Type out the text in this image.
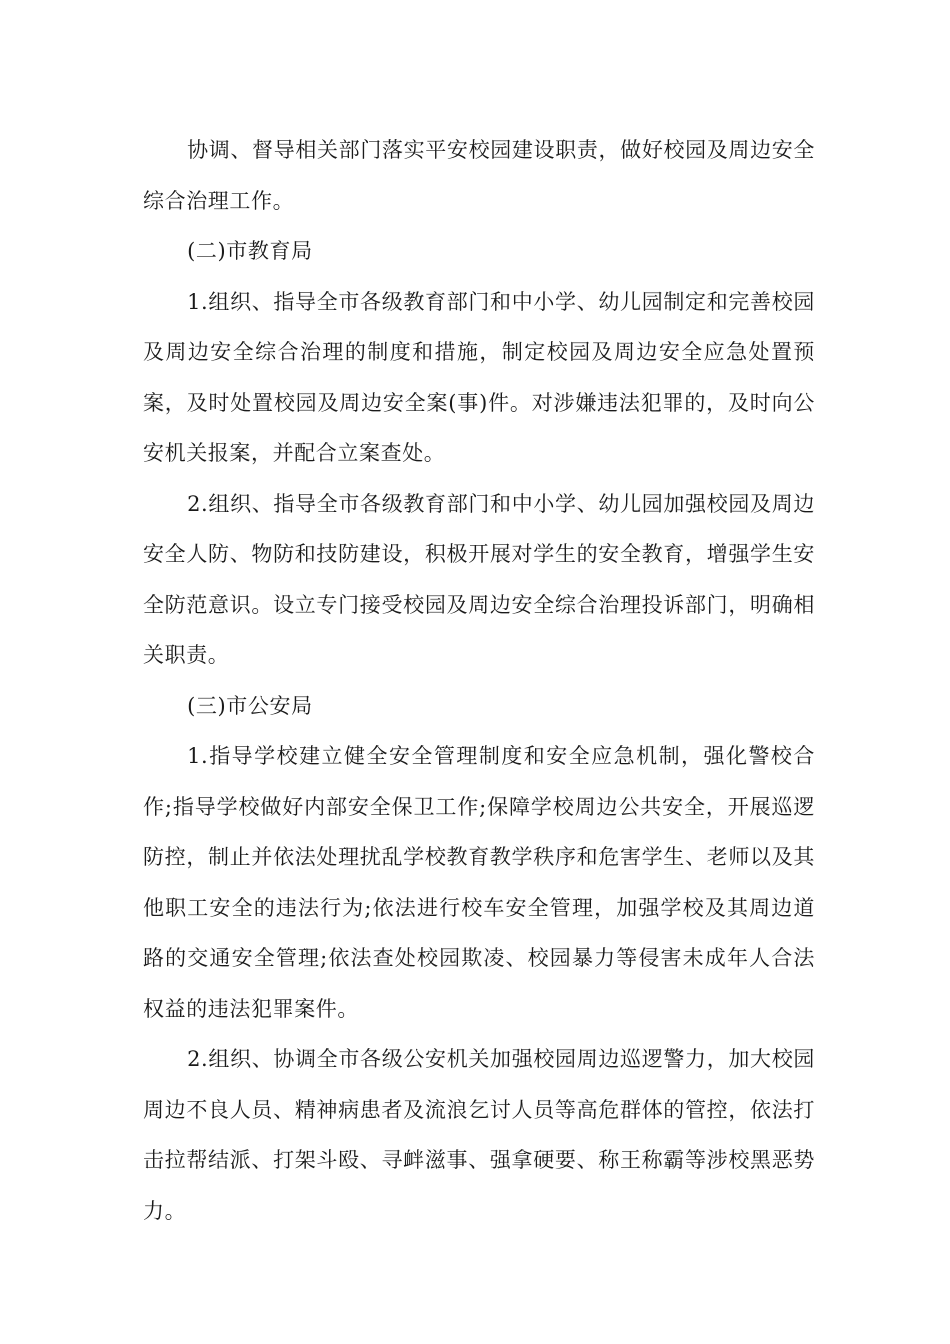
协调、督导相关部门落实平安校园建设职责，做好校园及周边安全综合治理工作。

(二)市教育局

1.组织、指导全市各级教育部门和中小学、幼儿园制定和完善校园及周边安全综合治理的制度和措施，制定校园及周边安全应急处置预案，及时处置校园及周边安全案(事)件。对涉嫌违法犯罪的，及时向公安机关报案，并配合立案查处。

2.组织、指导全市各级教育部门和中小学、幼儿园加强校园及周边安全人防、物防和技防建设，积极开展对学生的安全教育，增强学生安全防范意识。设立专门接受校园及周边安全综合治理投诉部门，明确相关职责。

(三)市公安局

1.指导学校建立健全安全管理制度和安全应急机制，强化警校合作;指导学校做好内部安全保卫工作;保障学校周边公共安全，开展巡逻防控，制止并依法处理扰乱学校教育教学秩序和危害学生、老师以及其他职工安全的违法行为;依法进行校车安全管理，加强学校及其周边道路的交通安全管理;依法查处校园欺凌、校园暴力等侵害未成年人合法权益的违法犯罪案件。

2.组织、协调全市各级公安机关加强校园周边巡逻警力，加大校园周边不良人员、精神病患者及流浪乞讨人员等高危群体的管控，依法打击拉帮结派、打架斗殴、寻衅滋事、强拿硬要、称王称霸等涉校黑恶势力。
